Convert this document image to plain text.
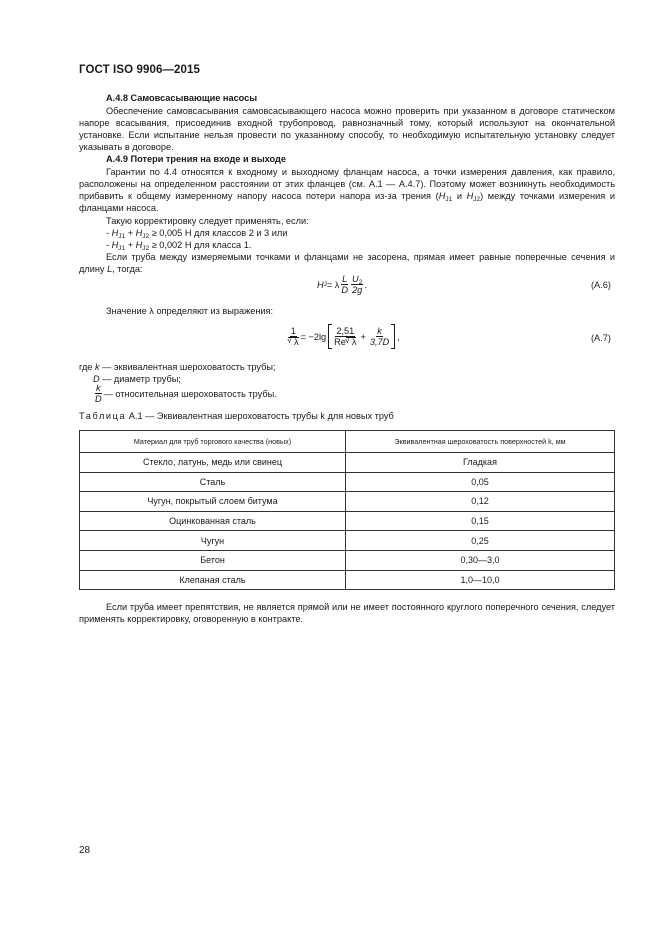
ГОСТ ISO 9906—2015
А.4.8 Самовсасывающие насосы
Обеспечение самовсасывания самовсасывающего насоса можно проверить при указанном в договоре статическом напоре всасывания, присоединив входной трубопровод, равнозначный тому, который используют на окончательной установке. Если испытание нельзя провести по указанному способу, то необходимую испытательную установку следует указывать в договоре.
А.4.9 Потери трения на входе и выходе
Гарантии по 4.4 относятся к входному и выходному фланцам насоса, а точки измерения давления, как правило, расположены на определенном расстоянии от этих фланцев (см. А.1 — А.4.7). Поэтому может возникнуть необходимость прибавить к общему измеренному напору насоса потери напора из-за трения ($H_{J1}$ и $H_{J2}$) между точками измерения и фланцами насоса.
Такую корректировку следует применять, если:
- $H_{J1} + H_{J2} \ge 0,005$ H для классов 2 и 3 или
- $H_{J1} + H_{J2} \ge 0,002$ H для класса 1.
Если труба между измеряемыми точками и фланцами не засорена, прямая имеет равные поперечные сечения и длину L, тогда:
H J = λ $\frac{L}{D} \frac{U_2}{2g}$ .	(А.6)
Значение λ определяют из выражения:
1
√ $\lambda = -2\lg \frac{2,51}{Re √ \lambda} + \frac{k}{3,7D}$ ,	(А.7)
где k — эквивалентная шероховатость трубы;
D — диаметр трубы;
$\frac{k}{D}$ — относительная шероховатость трубы.
Таблица А.1 — Эквивалентная шероховатость трубы k для новых труб
Материал для труб торгового качества (новых)	Эквивалентная шероховатость поверхностей k, мм
Стекло, латунь, медь или свинец	Гладкая
Сталь	0,05
Чугун, покрытый слоем битума	0,12
Оцинкованная сталь	0,15
Чугун	0,25
Бетон	0,30—3,0
Клепаная сталь	1,0—10,0
Если труба имеет препятствия, не является прямой или не имеет постоянного круглого поперечного сечения, следует применять корректировку, оговоренную в контракте.
28
